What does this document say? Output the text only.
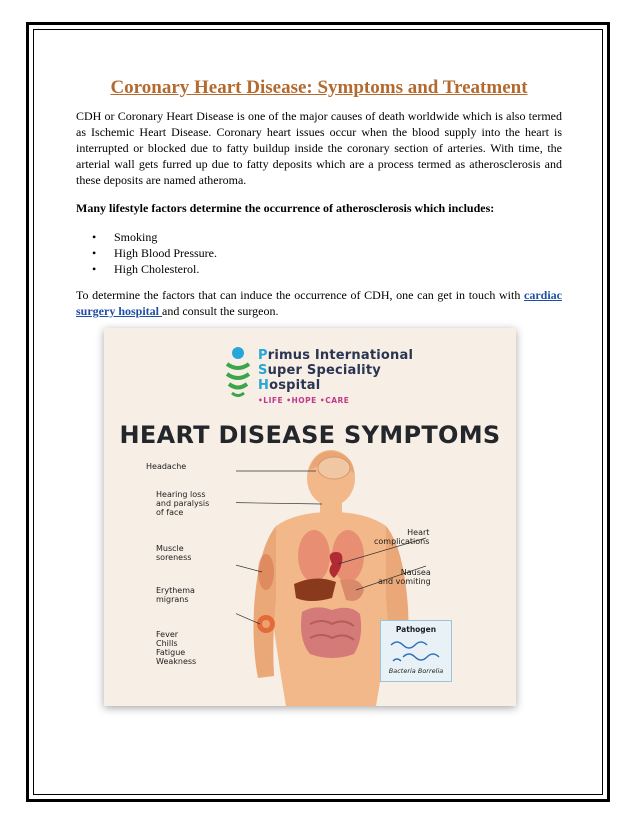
Coronary Heart Disease: Symptoms and Treatment
CDH or Coronary Heart Disease is one of the major causes of death worldwide which is also termed as Ischemic Heart Disease. Coronary heart issues occur when the blood supply into the heart is interrupted or blocked due to fatty buildup inside the coronary section of arteries. With time, the arterial wall gets furred up due to fatty deposits which are a process termed as atherosclerosis and these deposits are named atheroma.
Many lifestyle factors determine the occurrence of atherosclerosis which includes:
• Smoking
• High Blood Pressure.
• High Cholesterol.
To determine the factors that can induce the occurrence of CDH, one can get in touch with cardiac surgery hospital and consult the surgeon.
Primus International
Super Speciality
Hospital
•LIFE •HOPE •CARE
HEART DISEASE SYMPTOMS
Headache
Hearing loss
and paralysis
of face
Muscle
soreness
Erythema
migrans
Fever
Chills
Fatigue
Weakness
Heart
complications
Nausea
and vomiting
Pathogen
Bacteria Borrelia
